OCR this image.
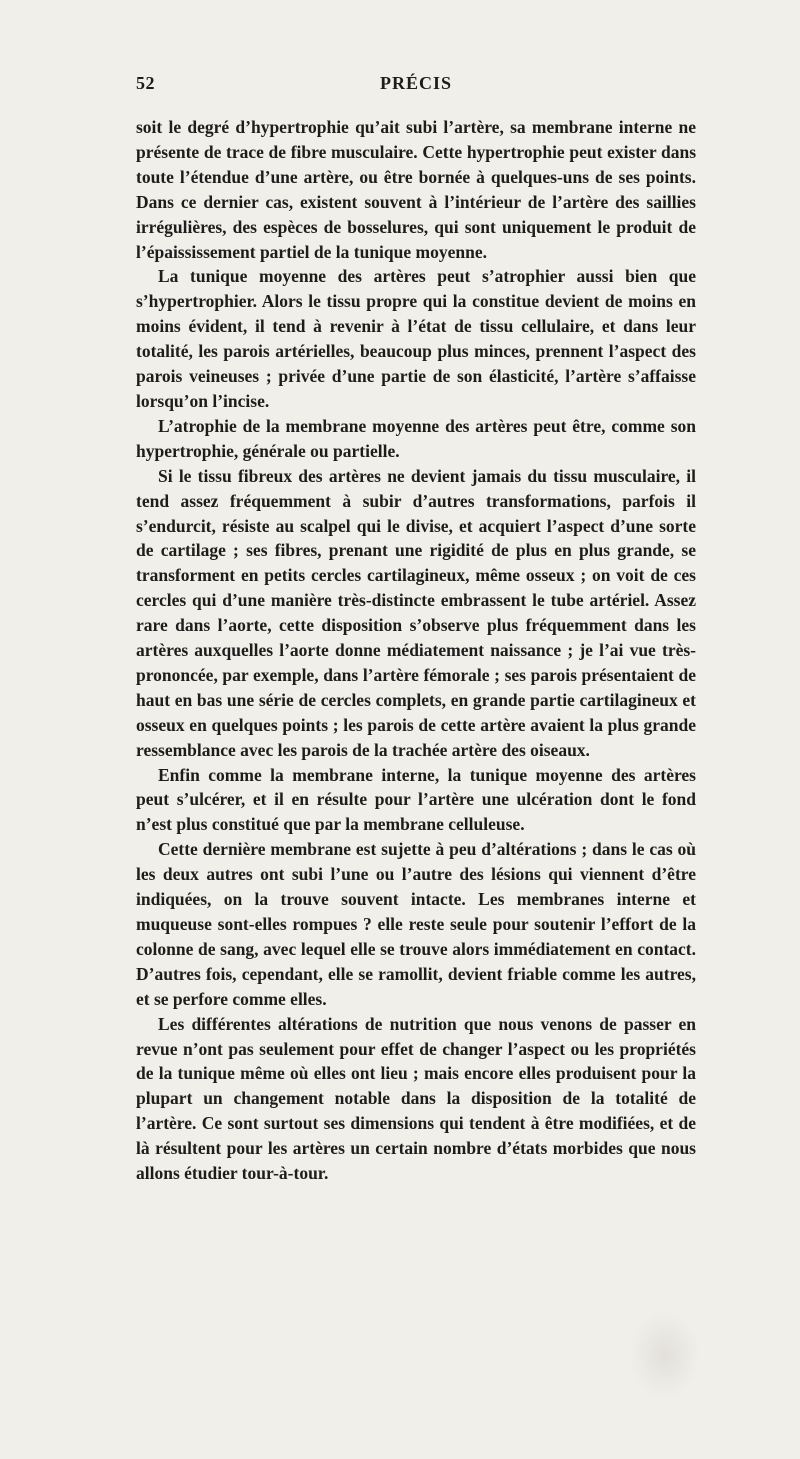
52	PRÉCIS

soit le degré d’hypertrophie qu’ait subi l’artère, sa membrane interne ne présente de trace de fibre musculaire. Cette hypertrophie peut exister dans toute l’étendue d’une artère, ou être bornée à quelques-uns de ses points. Dans ce dernier cas, existent souvent à l’intérieur de l’artère des saillies irrégulières, des espèces de bosselures, qui sont uniquement le produit de l’épaississement partiel de la tunique moyenne.

La tunique moyenne des artères peut s’atrophier aussi bien que s’hypertrophier. Alors le tissu propre qui la constitue devient de moins en moins évident, il tend à revenir à l’état de tissu cellulaire, et dans leur totalité, les parois artérielles, beaucoup plus minces, prennent l’aspect des parois veineuses ; privée d’une partie de son élasticité, l’artère s’affaisse lorsqu’on l’incise.

L’atrophie de la membrane moyenne des artères peut être, comme son hypertrophie, générale ou partielle.

Si le tissu fibreux des artères ne devient jamais du tissu musculaire, il tend assez fréquemment à subir d’autres transformations, parfois il s’endurcit, résiste au scalpel qui le divise, et acquiert l’aspect d’une sorte de cartilage ; ses fibres, prenant une rigidité de plus en plus grande, se transforment en petits cercles cartilagineux, même osseux ; on voit de ces cercles qui d’une manière très-distincte embrassent le tube artériel. Assez rare dans l’aorte, cette disposition s’observe plus fréquemment dans les artères auxquelles l’aorte donne médiatement naissance ; je l’ai vue très-prononcée, par exemple, dans l’artère fémorale ; ses parois présentaient de haut en bas une série de cercles complets, en grande partie cartilagineux et osseux en quelques points ; les parois de cette artère avaient la plus grande ressemblance avec les parois de la trachée artère des oiseaux.

Enfin comme la membrane interne, la tunique moyenne des artères peut s’ulcérer, et il en résulte pour l’artère une ulcération dont le fond n’est plus constitué que par la membrane celluleuse.

Cette dernière membrane est sujette à peu d’altérations ; dans le cas où les deux autres ont subi l’une ou l’autre des lésions qui viennent d’être indiquées, on la trouve souvent intacte. Les membranes interne et muqueuse sont-elles rompues ? elle reste seule pour soutenir l’effort de la colonne de sang, avec lequel elle se trouve alors immédiatement en contact. D’autres fois, cependant, elle se ramollit, devient friable comme les autres, et se perfore comme elles.

Les différentes altérations de nutrition que nous venons de passer en revue n’ont pas seulement pour effet de changer l’aspect ou les propriétés de la tunique même où elles ont lieu ; mais encore elles produisent pour la plupart un changement notable dans la disposition de la totalité de l’artère. Ce sont surtout ses dimensions qui tendent à être modifiées, et de là résultent pour les artères un certain nombre d’états morbides que nous allons étudier tour-à-tour.
